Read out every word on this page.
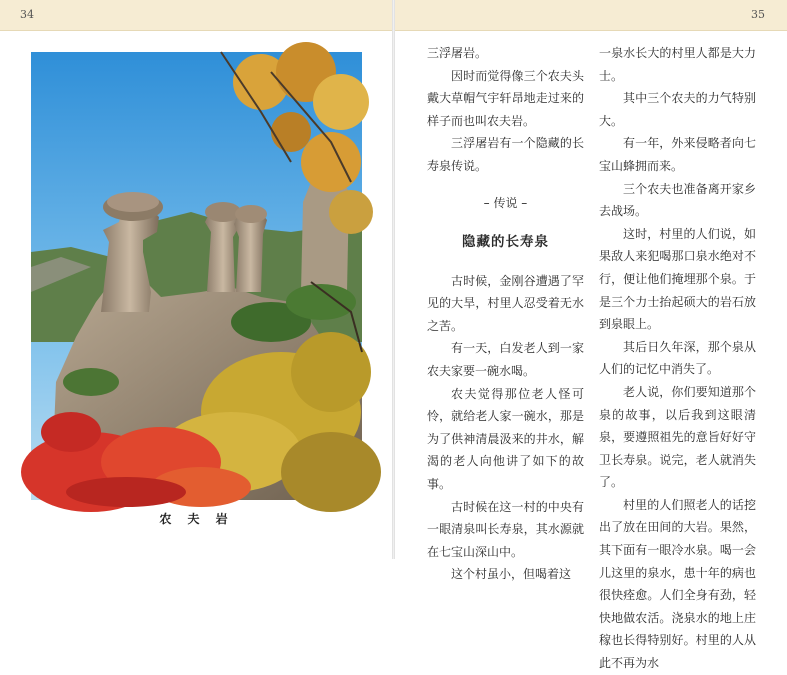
34
农 夫 岩
35

三浮屠岩。

因时而觉得像三个农夫头戴大草帽气宇轩昂地走过来的样子而也叫农夫岩。

三浮屠岩有一个隐藏的长寿泉传说。

– 传说 –
隐藏的长寿泉

古时候，金刚谷遭遇了罕见的大旱，村里人忍受着无水之苦。

有一天，白发老人到一家农夫家要一碗水喝。

农夫觉得那位老人怪可怜，就给老人家一碗水，那是为了供神清晨汲来的井水，解渴的老人向他讲了如下的故事。

古时候在这一村的中央有一眼清泉叫长寿泉，其水源就在七宝山深山中。

这个村虽小，但喝着这

一泉水长大的村里人都是大力士。

其中三个农夫的力气特别大。

有一年，外来侵略者向七宝山蜂拥而来。

三个农夫也准备离开家乡去战场。

这时，村里的人们说，如果敌人来犯喝那口泉水绝对不行，便让他们掩埋那个泉。于是三个力士抬起硕大的岩石放到泉眼上。

其后日久年深，那个泉从人们的记忆中消失了。

老人说，你们要知道那个泉的故事，以后我到这眼清泉，要遵照祖先的意旨好好守卫长寿泉。说完，老人就消失了。

村里的人们照老人的话挖出了放在田间的大岩。果然，其下面有一眼冷水泉。喝一会儿这里的泉水，患十年的病也很快痊愈。人们全身有劲，轻快地做农活。浇泉水的地上庄稼也长得特别好。村里的人从此不再为水
